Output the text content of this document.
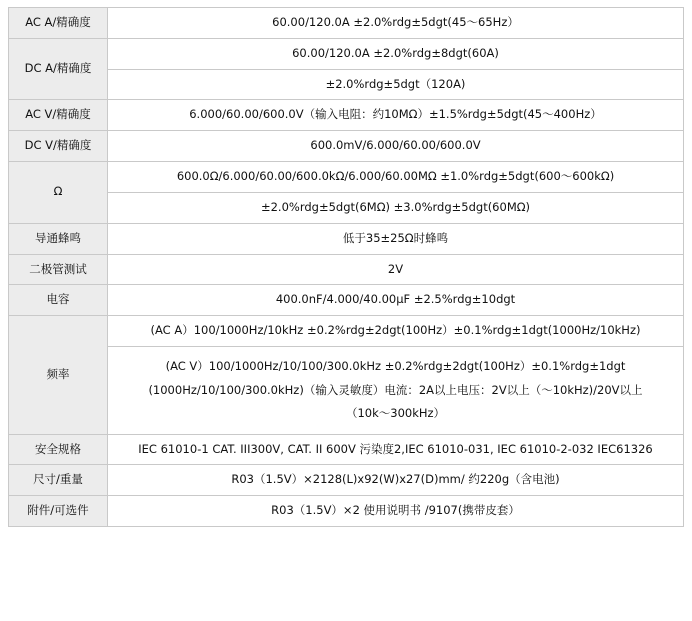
AC A/精确度	60.00/120.0A ±2.0%rdg±5dgt(45～65Hz）
DC A/精确度	60.00/120.0A ±2.0%rdg±8dgt(60A)
	±2.0%rdg±5dgt（120A)
AC V/精确度	6.000/60.00/600.0V（输入电阻：约10MΩ）±1.5%rdg±5dgt(45～400Hz）
DC V/精确度	600.0mV/6.000/60.00/600.0V
Ω	600.0Ω/6.000/60.00/600.0kΩ/6.000/60.00MΩ ±1.0%rdg±5dgt(600～600kΩ)
	±2.0%rdg±5dgt(6MΩ) ±3.0%rdg±5dgt(60MΩ)
导通蜂鸣	低于35±25Ω时蜂鸣
二极管测试	2V
电容	400.0nF/4.000/40.00μF ±2.5%rdg±10dgt
频率	(AC A）100/1000Hz/10kHz ±0.2%rdg±2dgt(100Hz）±0.1%rdg±1dgt(1000Hz/10kHz)

	(AC V）100/1000Hz/10/100/300.0kHz ±0.2%rdg±2dgt(100Hz）±0.1%rdg±1dgt
(1000Hz/10/100/300.0kHz)（输入灵敏度）电流：2A以上电压：2V以上（～10kHz)/20V以上
（10k～300kHz）

安全规格	IEC 61010-1 CAT. III300V, CAT. II 600V 污染度2,IEC 61010-031, IEC 61010-2-032 IEC61326
尺寸/重量	R03（1.5V）×2128(L)x92(W)x27(D)mm/ 约220g（含电池)
附件/可选件	R03（1.5V）×2 使用说明书 /9107(携带皮套）
